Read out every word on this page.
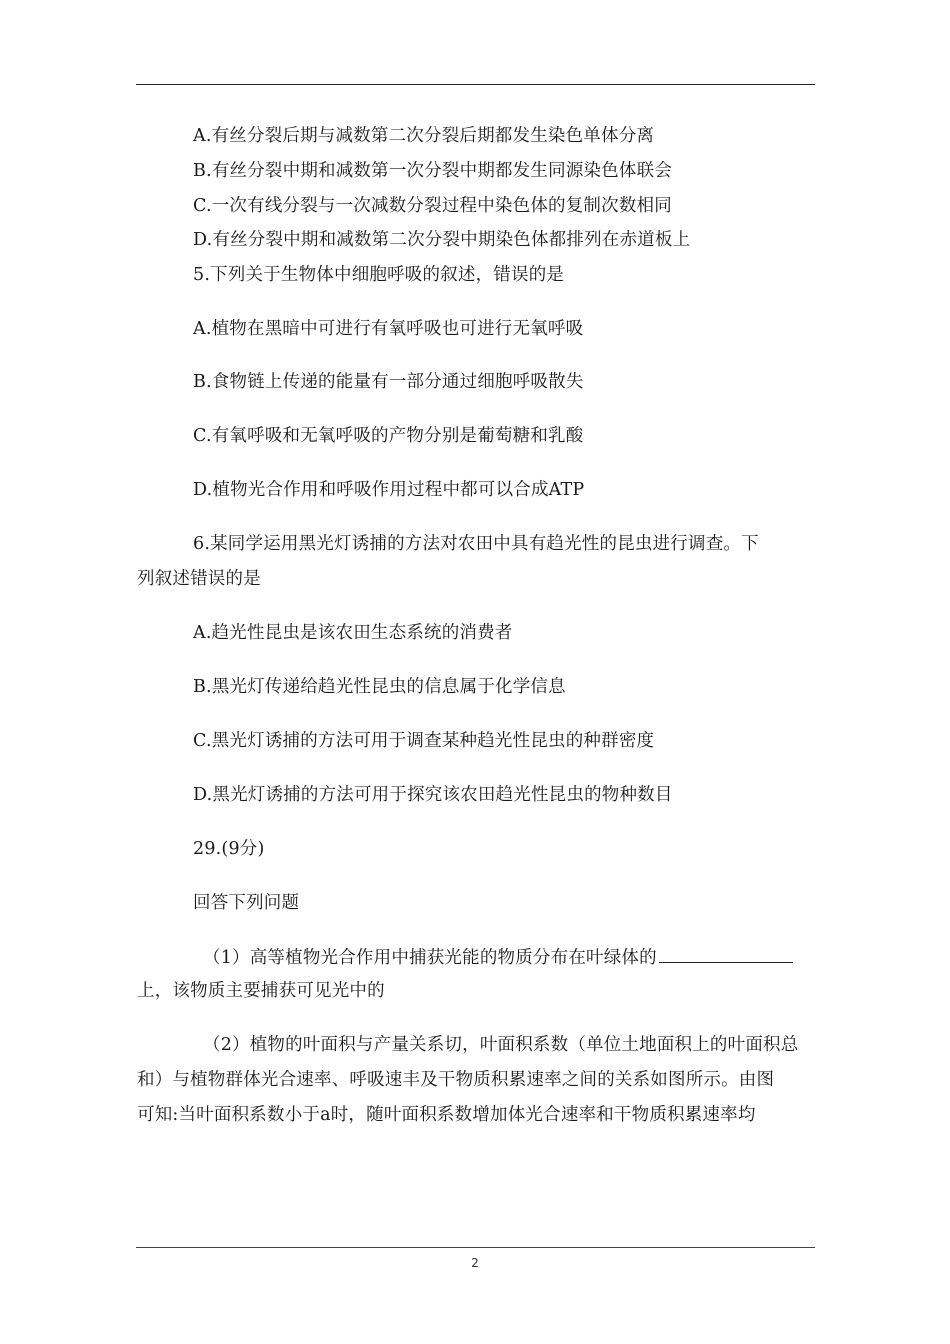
A.有丝分裂后期与减数第二次分裂后期都发生染色单体分离
B.有丝分裂中期和减数第一次分裂中期都发生同源染色体联会
C.一次有线分裂与一次减数分裂过程中染色体的复制次数相同
D.有丝分裂中期和减数第二次分裂中期染色体都排列在赤道板上
5.下列关于生物体中细胞呼吸的叙述，错误的是
A.植物在黑暗中可进行有氧呼吸也可进行无氧呼吸
B.食物链上传递的能量有一部分通过细胞呼吸散失
C.有氧呼吸和无氧呼吸的产物分别是葡萄糖和乳酸
D.植物光合作用和呼吸作用过程中都可以合成ATP
6.某同学运用黑光灯诱捕的方法对农田中具有趋光性的昆虫进行调查。下
列叙述错误的是
A.趋光性昆虫是该农田生态系统的消费者
B.黑光灯传递给趋光性昆虫的信息属于化学信息
C.黑光灯诱捕的方法可用于调查某种趋光性昆虫的种群密度
D.黑光灯诱捕的方法可用于探究该农田趋光性昆虫的物种数目
29.(9分)
回答下列问题
（1）高等植物光合作用中捕获光能的物质分布在叶绿体的
上，该物质主要捕获可见光中的
（2）植物的叶面积与产量关系切，叶面积系数（单位土地面积上的叶面积总
和）与植物群体光合速率、呼吸速丰及干物质积累速率之间的关系如图所示。由图
可知:当叶面积系数小于a时，随叶面积系数增加体光合速率和干物质积累速率均
2
